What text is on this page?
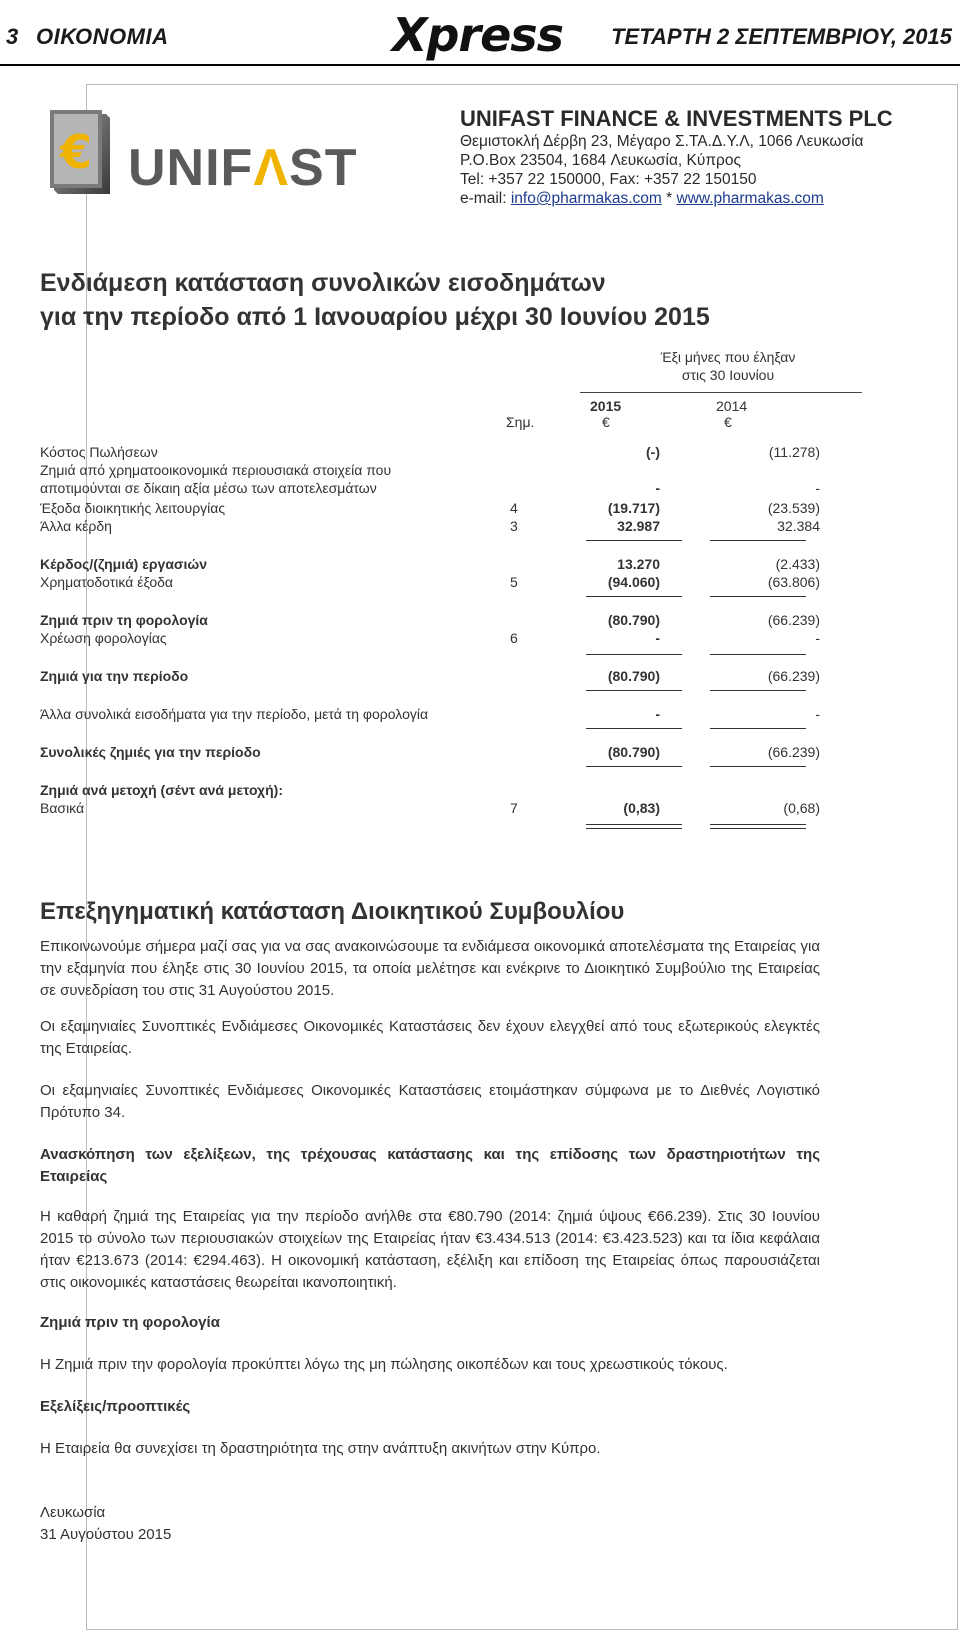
3 ΟΙΚΟΝΟΜΙΑ	Xpress ΤΕΤΑΡΤΗ 2 ΣΕΠΤΕΜΒΡΙΟΥ, 2015
€ UNIFΛST
UNIFAST FINANCE & INVESTMENTS PLC
Θεμιστοκλή Δέρβη 23, Μέγαρο Σ.ΤΑ.Δ.Υ.Λ, 1066 Λευκωσία
P.O.Box 23504, 1684 Λευκωσία, Κύπρος
Tel: +357 22 150000, Fax: +357 22 150150
e-mail: info@pharmakas.com * www.pharmakas.com
Ενδιάμεση κατάσταση συνολικών εισοδημάτων
για την περίοδο από 1 Ιανουαρίου μέχρι 30 Ιουνίου 2015
Έξι μήνες που έληξαν
στις 30 Ιουνίου
2015	2014
Σημ.	€	€
Κόστος Πωλήσεων	(-)	(11.278)
Ζημιά από χρηματοοικονομικά περιουσιακά στοιχεία που
αποτιμούνται σε δίκαιη αξία μέσω των αποτελεσμάτων	-	-
Έξοδα διοικητικής λειτουργίας	4	(19.717)	(23.539)
Άλλα κέρδη	3	32.987	32.384
Κέρδος/(ζημιά) εργασιών	13.270	(2.433)
Χρηματοδοτικά έξοδα	5	(94.060)	(63.806)
Ζημιά πριν τη φορολογία	(80.790)	(66.239)
Χρέωση φορολογίας	6	-	-
Ζημιά για την περίοδο	(80.790)	(66.239)
Άλλα συνολικά εισοδήματα για την περίοδο, μετά τη φορολογία	-	-
Συνολικές ζημιές για την περίοδο	(80.790)	(66.239)
Ζημιά ανά μετοχή (σέντ ανά μετοχή):
Βασικά	7	(0,83)	(0,68)
Επεξηγηματική κατάσταση Διοικητικού Συμβουλίου
Επικοινωνούμε σήμερα μαζί σας για να σας ανακοινώσουμε τα ενδιάμεσα οικονομικά αποτελέσματα της Εταιρείας για την εξαμηνία που έληξε στις 30 Ιουνίου 2015, τα οποία μελέτησε και ενέκρινε το Διοικητικό Συμβούλιο της Εταιρείας σε συνεδρίαση του στις 31 Αυγούστου 2015.
Οι εξαμηνιαίες Συνοπτικές Ενδιάμεσες Οικονομικές Καταστάσεις δεν έχουν ελεγχθεί από τους εξωτερικούς ελεγκτές της Εταιρείας.
Οι εξαμηνιαίες Συνοπτικές Ενδιάμεσες Οικονομικές Καταστάσεις ετοιμάστηκαν σύμφωνα με το Διεθνές Λογιστικό Πρότυπο 34.
Ανασκόπηση των εξελίξεων, της τρέχουσας κατάστασης και της επίδοσης των δραστηριοτήτων της Εταιρείας
Η καθαρή ζημιά της Εταιρείας για την περίοδο ανήλθε στα €80.790 (2014: ζημιά ύψους €66.239). Στις 30 Ιουνίου 2015 το σύνολο των περιουσιακών στοιχείων της Εταιρείας ήταν €3.434.513 (2014: €3.423.523) και τα ίδια κεφάλαια ήταν €213.673 (2014: €294.463). Η οικονομική κατάσταση, εξέλιξη και επίδοση της Εταιρείας όπως παρουσιάζεται στις οικονομικές καταστάσεις θεωρείται ικανοποιητική.
Ζημιά πριν τη φορολογία
Η Ζημιά πριν την φορολογία προκύπτει λόγω της μη πώλησης οικοπέδων και τους χρεωστικούς τόκους.
Εξελίξεις/προοπτικές
Η Εταιρεία θα συνεχίσει τη δραστηριότητα της στην ανάπτυξη ακινήτων στην Κύπρο.
Λευκωσία
31 Αυγούστου 2015
